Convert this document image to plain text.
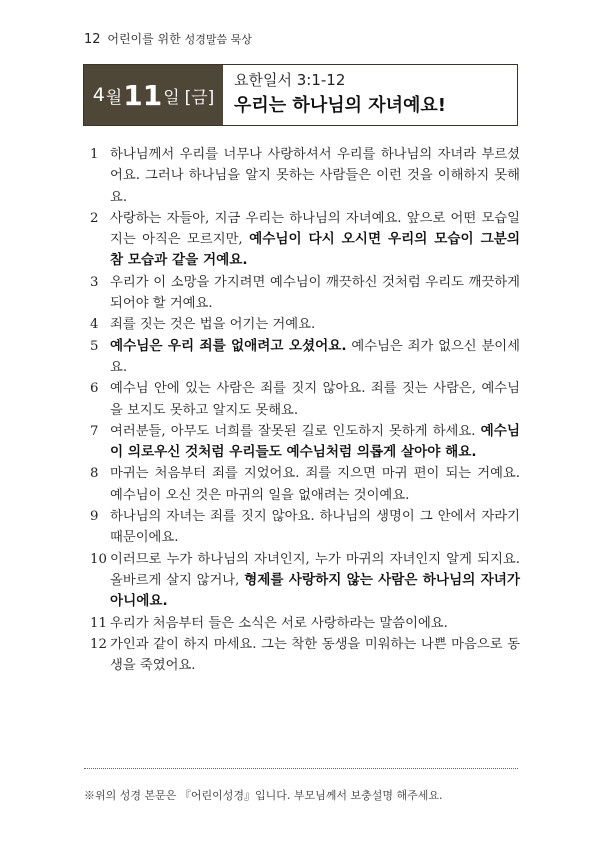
12 어린이를 위한 성경말씀 묵상
4 월 11 일 [금]
요한일서 3:1-12
우리는 하나님의 자녀예요!
1 하나님께서 우리를 너무나 사랑하셔서 우리를 하나님의 자녀라 부르셨어요. 그러나 하나님을 알지 못하는 사람들은 이런 것을 이해하지 못해요.
2 사랑하는 자들아, 지금 우리는 하나님의 자녀예요. 앞으로 어떤 모습일지는 아직은 모르지만, 예수님이 다시 오시면 우리의 모습이 그분의 참 모습과 같을 거예요.
3 우리가 이 소망을 가지려면 예수님이 깨끗하신 것처럼 우리도 깨끗하게 되어야 할 거예요.
4 죄를 짓는 것은 법을 어기는 거예요.
5 예수님은 우리 죄를 없애려고 오셨어요. 예수님은 죄가 없으신 분이세요.
6 예수님 안에 있는 사람은 죄를 짓지 않아요. 죄를 짓는 사람은, 예수님을 보지도 못하고 알지도 못해요.
7 여러분들, 아무도 너희를 잘못된 길로 인도하지 못하게 하세요. 예수님이 의로우신 것처럼 우리들도 예수님처럼 의롭게 살아야 해요.
8 마귀는 처음부터 죄를 지었어요. 죄를 지으면 마귀 편이 되는 거예요. 예수님이 오신 것은 마귀의 일을 없애려는 것이예요.
9 하나님의 자녀는 죄를 짓지 않아요. 하나님의 생명이 그 안에서 자라기 때문이에요.
10 이러므로 누가 하나님의 자녀인지, 누가 마귀의 자녀인지 알게 되지요. 올바르게 살지 않거나, 형제를 사랑하지 않는 사람은 하나님의 자녀가 아니에요.
11 우리가 처음부터 들은 소식은 서로 사랑하라는 말씀이에요.
12 가인과 같이 하지 마세요. 그는 착한 동생을 미워하는 나쁜 마음으로 동생을 죽였어요.
※위의 성경 본문은 『어린이성경』입니다. 부모님께서 보충설명 해주세요.
